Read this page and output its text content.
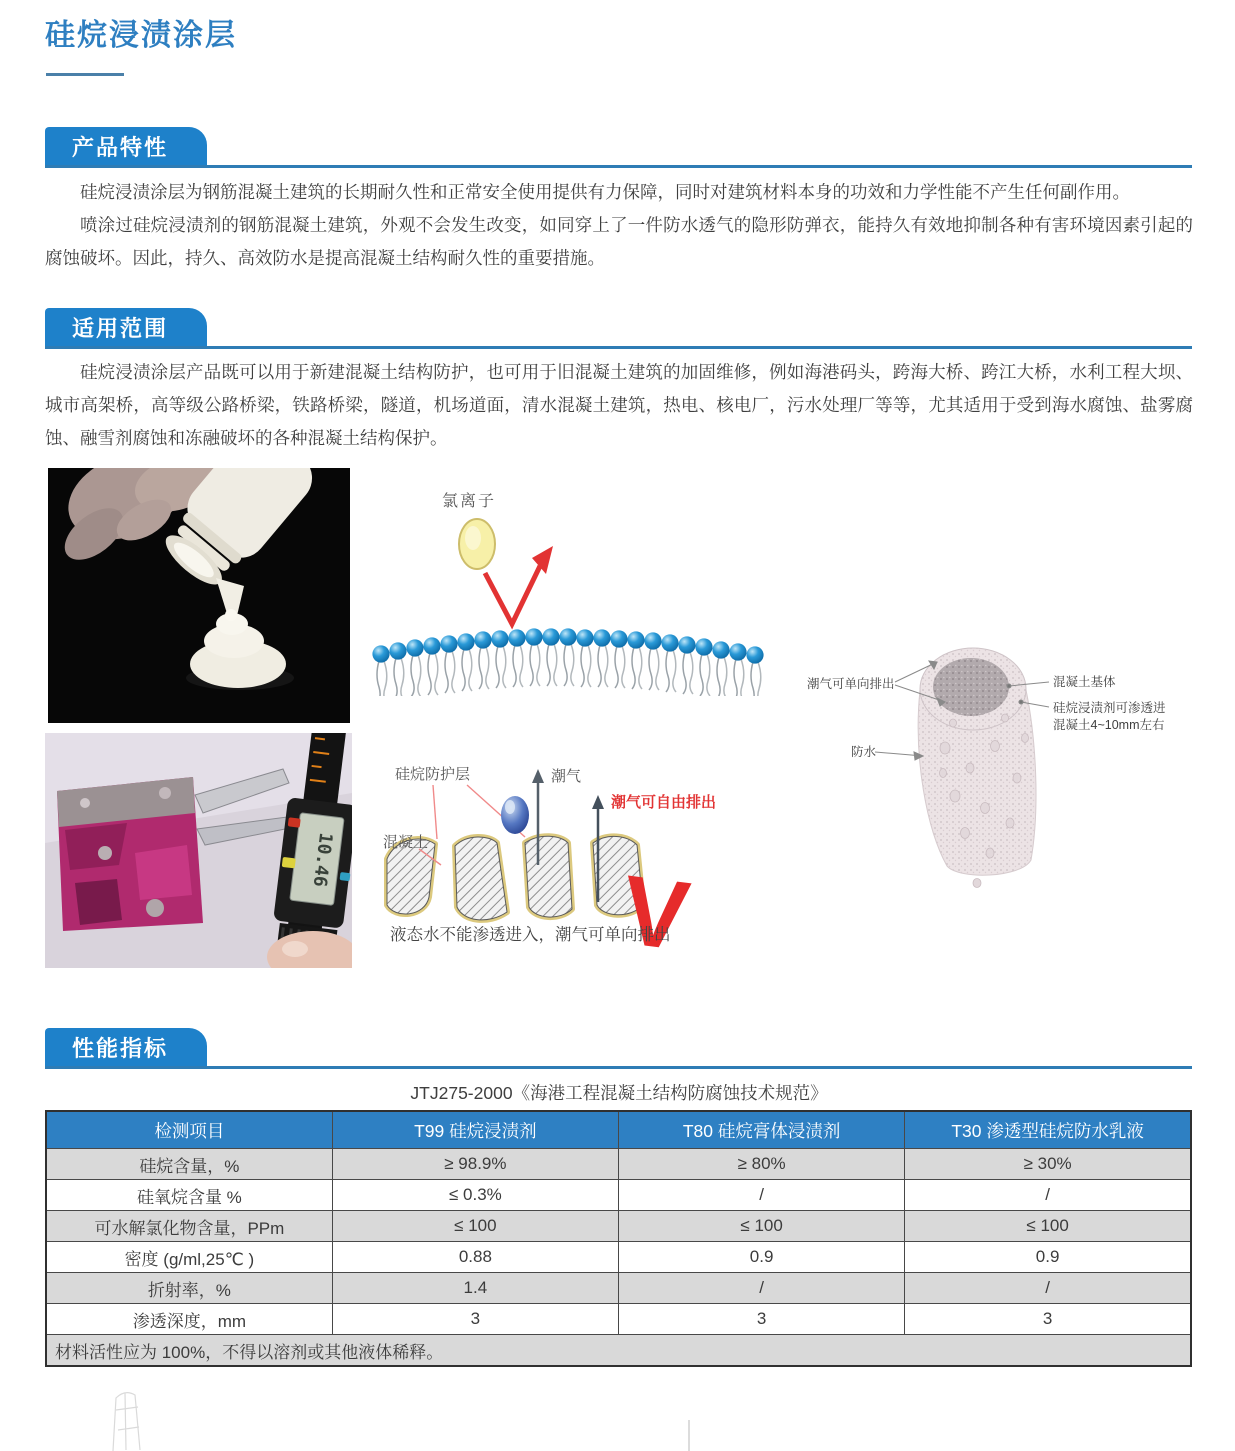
硅烷浸渍涂层
产品特性

硅烷浸渍涂层为钢筋混凝土建筑的长期耐久性和正常安全使用提供有力保障，同时对建筑材料本身的功效和力学性能不产生任何副作用。

喷涂过硅烷浸渍剂的钢筋混凝土建筑，外观不会发生改变，如同穿上了一件防水透气的隐形防弹衣，能持久有效地抑制各种有害环境因素引起的腐蚀破坏。因此，持久、高效防水是提高混凝土结构耐久性的重要措施。

适用范围

硅烷浸渍涂层产品既可以用于新建混凝土结构防护，也可用于旧混凝土建筑的加固维修，例如海港码头，跨海大桥、跨江大桥，水利工程大坝、城市高架桥，高等级公路桥梁，铁路桥梁，隧道，机场道面，清水混凝土建筑，热电、核电厂，污水处理厂等等，尤其适用于受到海水腐蚀、盐雾腐蚀、融雪剂腐蚀和冻融破坏的各种混凝土结构保护。

10.46
氯离子
硅烷防护层	潮气
潮气可自由排出
混凝土
V
液态水不能渗透进入，潮气可单向排出
潮气可单向排出	混凝土基体
硅烷浸渍剂可渗透进
混凝土4~10mm左右
防水
性能指标
JTJ275-2000《海港工程混凝土结构防腐蚀技术规范》
检测项目	T99 硅烷浸渍剂	T80 硅烷膏体浸渍剂	T30 渗透型硅烷防水乳液
硅烷含量，%	≥ 98.9%	≥ 80%	≥ 30%
硅氧烷含量 %	≤ 0.3%	/	/
可水解氯化物含量，PPm	≤ 100	≤ 100	≤ 100
密度 (g/ml,25℃ )	0.88	0.9	0.9
折射率，%	1.4	/	/
渗透深度，mm	3	3	3
材料活性应为 100%，不得以溶剂或其他液体稀释。			
